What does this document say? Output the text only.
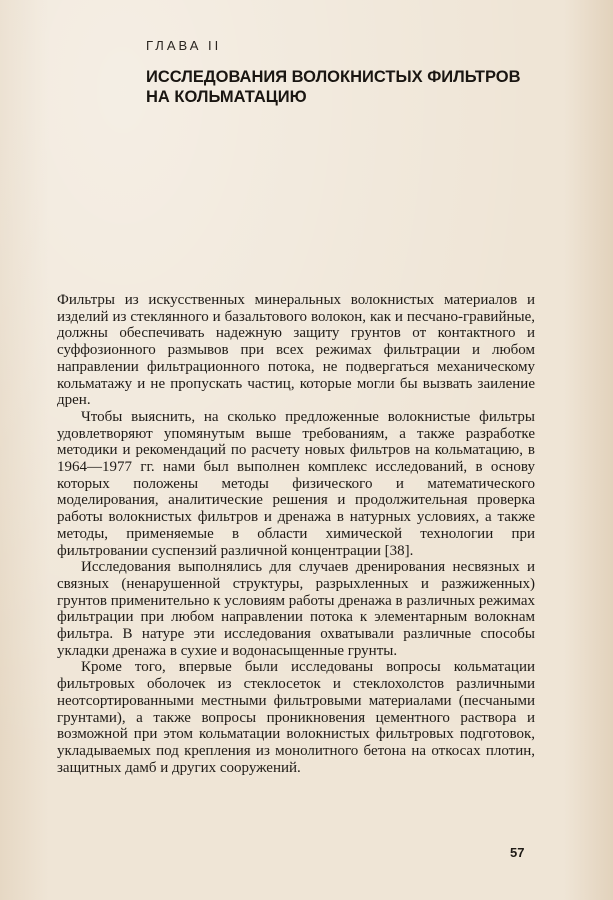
ГЛАВА II
ИССЛЕДОВАНИЯ ВОЛОКНИСТЫХ ФИЛЬТРОВ НА КОЛЬМАТАЦИЮ

Фильтры из искусственных минеральных волокнистых материалов и изделий из стеклянного и базальтового волокон, как и песчано-гравийные, должны обеспечивать надежную защиту грунтов от контактного и суффозионного размывов при всех режимах фильтрации и любом направлении фильтрационного потока, не подвергаться механическому кольматажу и не пропускать частиц, которые могли бы вызвать заиление дрен.

Чтобы выяснить, на сколько предложенные волокнистые фильтры удовлетворяют упомянутым выше требованиям, а также разработке методики и рекомендаций по расчету новых фильтров на кольматацию, в 1964—1977 гг. нами был выполнен комплекс исследований, в основу которых положены методы физического и математического моделирования, аналитические решения и продолжительная проверка работы волокнистых фильтров и дренажа в натурных условиях, а также методы, применяемые в области химической технологии при фильтровании суспензий различной концентрации [38].

Исследования выполнялись для случаев дренирования несвязных и связных (ненарушенной структуры, разрыхленных и разжиженных) грунтов применительно к условиям работы дренажа в различных режимах фильтрации при любом направлении потока к элементарным волокнам фильтра. В натуре эти исследования охватывали различные способы укладки дренажа в сухие и водонасыщенные грунты.

Кроме того, впервые были исследованы вопросы кольматации фильтровых оболочек из стеклосеток и стеклохолстов различными неотсортированными местными фильтровыми материалами (песчаными грунтами), а также вопросы проникновения цементного раствора и возможной при этом кольматации волокнистых фильтровых подготовок, укладываемых под крепления из монолитного бетона на откосах плотин, защитных дамб и других сооружений.

57
